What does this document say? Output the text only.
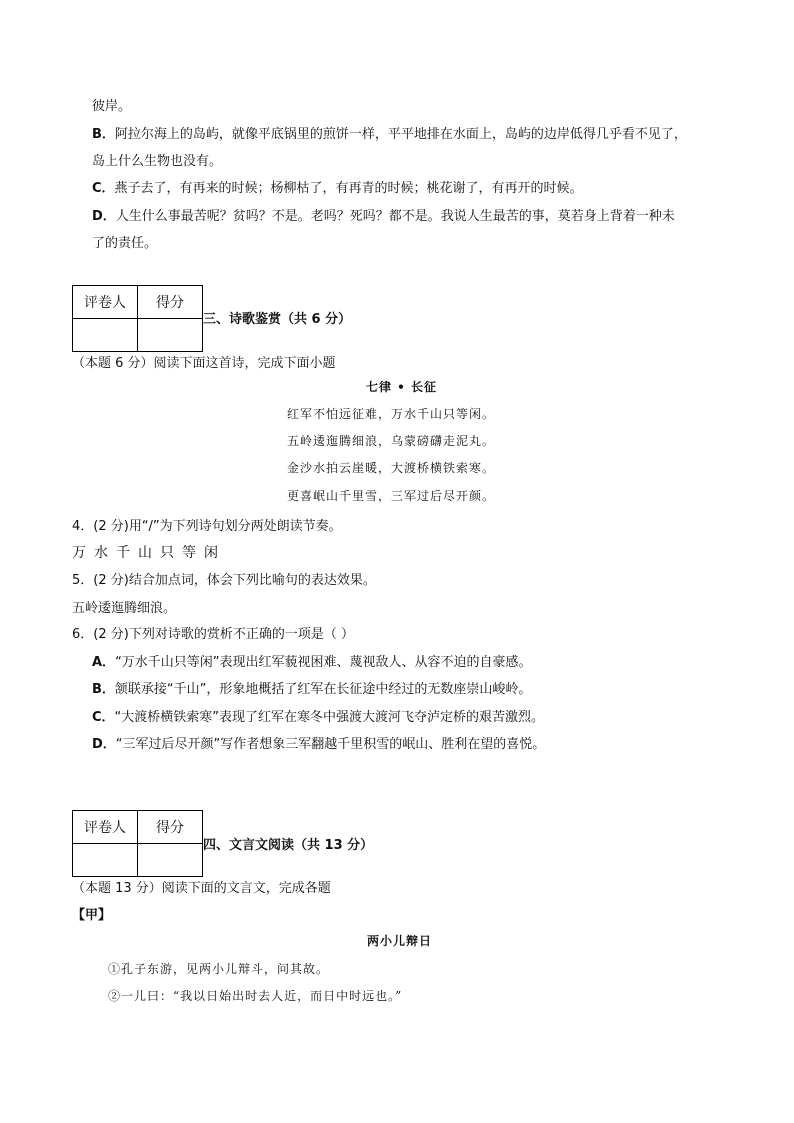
彼岸。
B．阿拉尔海上的岛屿，就像平底锅里的煎饼一样，平平地排在水面上，岛屿的边岸低得几乎看不见了，
岛上什么生物也没有。
C．燕子去了，有再来的时候；杨柳枯了，有再青的时候；桃花谢了，有再开的时候。
D．人生什么事最苦呢？贫吗？不是。老吗？死吗？都不是。我说人生最苦的事，莫若身上背着一种未
了的责任。
评卷人	得分

三、诗歌鉴赏（共 6 分）
（本题 6 分）阅读下面这首诗，完成下面小题
七律 • 长征
红军不怕远征难，万水千山只等闲。
五岭逶迤腾细浪，乌蒙磅礴走泥丸。
金沙水拍云崖暖，大渡桥横铁索寒。
更喜岷山千里雪，三军过后尽开颜。
4．(2 分)用“/”为下列诗句划分两处朗读节奏。
万水千山只等闲
5．(2 分)结合加点词，体会下列比喻句的表达效果。
五岭逶迤腾细浪。
6．(2 分)下列对诗歌的赏析不正确的一项是（ ）
A．“万水千山只等闲”表现出红军藐视困难、蔑视敌人、从容不迫的自豪感。
B．颔联承接“千山”，形象地概括了红军在长征途中经过的无数座崇山峻岭。
C．“大渡桥横铁索寒”表现了红军在寒冬中强渡大渡河飞夺泸定桥的艰苦激烈。
D．“三军过后尽开颜”写作者想象三军翻越千里积雪的岷山、胜利在望的喜悦。
评卷人	得分

四、文言文阅读（共 13 分）
（本题 13 分）阅读下面的文言文，完成各题
【甲】
两小儿辩日
①孔子东游，见两小儿辩斗，问其故。
②一儿曰：“我以日始出时去人近，而日中时远也。”
